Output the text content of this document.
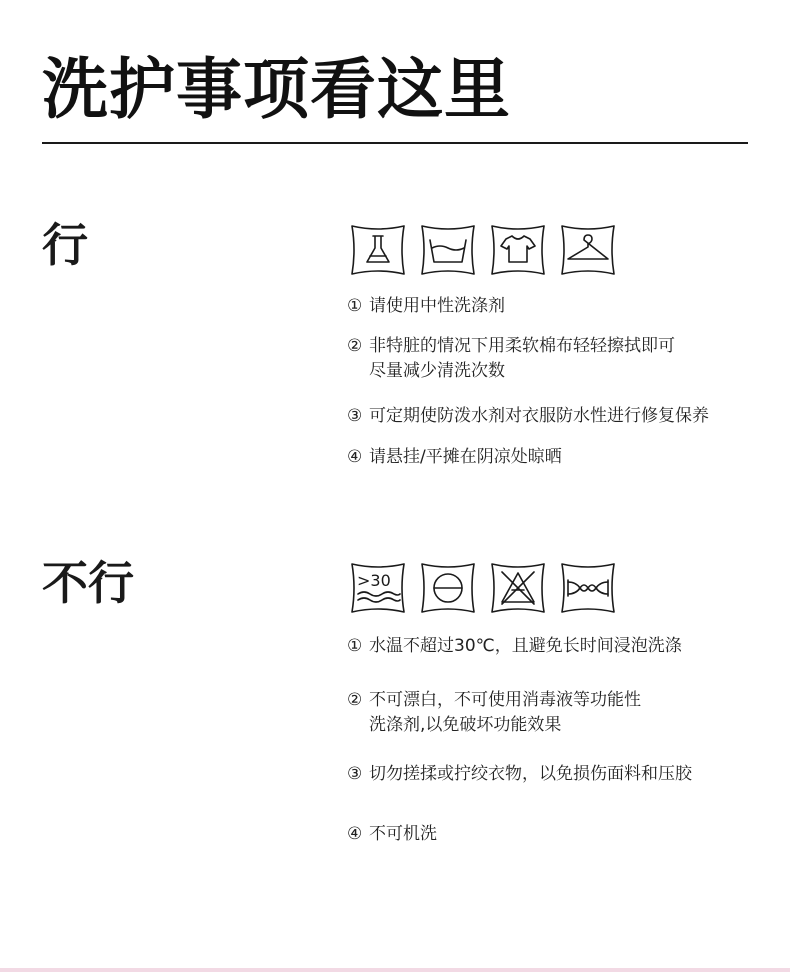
洗护事项看这里
行
① 请使用中性洗涤剂
② 非特脏的情况下用柔软棉布轻轻擦拭即可
尽量减少清洗次数
③ 可定期使防泼水剂对衣服防水性进行修复保养
④ 请悬挂/平摊在阴凉处晾晒
不行	>30
① 水温不超过30℃，且避免长时间浸泡洗涤
② 不可漂白，不可使用消毒液等功能性
洗涤剂,以免破坏功能效果
③ 切勿搓揉或拧绞衣物，以免损伤面料和压胶
④ 不可机洗
